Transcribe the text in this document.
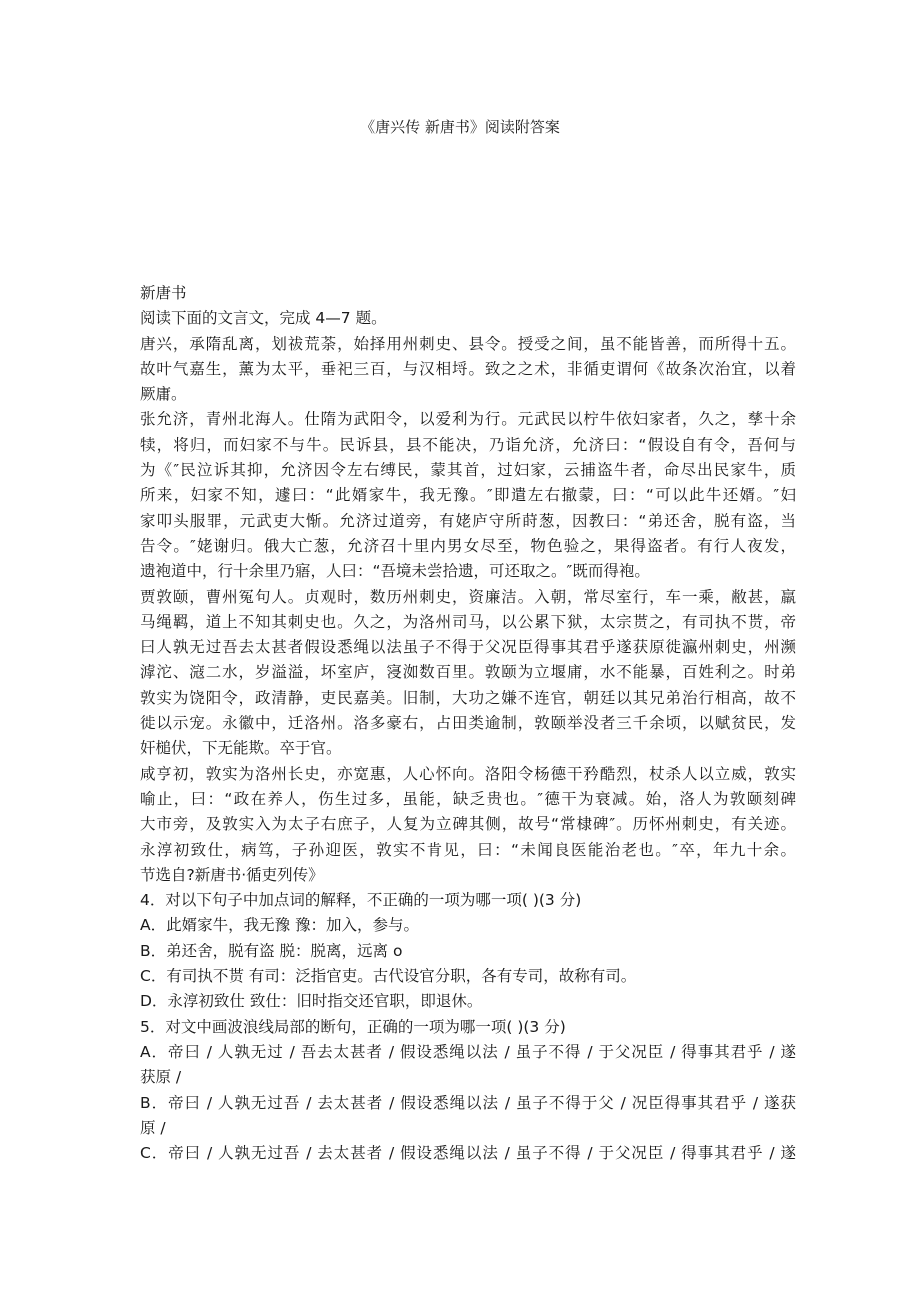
《唐兴传 新唐书》阅读附答案
新唐书
阅读下面的文言文，完成 4—7 题。
唐兴，承隋乱离，划祓荒荼，始择用州刺史、县令。授受之间，虽不能皆善，而所得十五。
故叶气嘉生，薰为太平，垂祀三百，与汉相埒。致之之术，非循吏谓何《故条次治宜，以着
厥庸。
张允济，青州北海人。仕隋为武阳令，以爱利为行。元武民以柠牛依妇家者，久之，孳十余
犊，将归，而妇家不与牛。民诉县，县不能决，乃诣允济，允济曰：“假设自有令，吾何与
为《″民泣诉其抑，允济因令左右缚民，蒙其首，过妇家，云捕盗牛者，命尽出民家牛，质
所来，妇家不知，遽曰：“此婿家牛，我无豫。″即遣左右撤蒙，曰：“可以此牛还婿。″妇
家叩头服罪，元武吏大惭。允济过道旁，有姥庐守所莳葱，因教曰：“弟还舍，脱有盗，当
告令。″姥谢归。俄大亡葱，允济召十里内男女尽至，物色验之，果得盗者。有行人夜发，
遗袍道中，行十余里乃寤，人曰：“吾境未尝拾遗，可还取之。″既而得袍。
贾敦颐，曹州冤句人。贞观时，数历州刺史，资廉洁。入朝，常尽室行，车一乘，敝甚，羸
马绳羁，道上不知其刺史也。久之，为洛州司马，以公累下狱，太宗贳之，有司执不贳，帝
曰人孰无过吾去太甚者假设悉绳以法虽子不得于父况臣得事其君乎遂获原徙瀛州刺史，州濒
滹沱、滱二水，岁溢溢，坏室庐，寖洳数百里。敦颐为立堰庯，水不能暴，百姓利之。时弟
敦实为饶阳令，政清静，吏民嘉美。旧制，大功之嫌不连官，朝廷以其兄弟治行相高，故不
徙以示宠。永徽中，迁洛州。洛多豪右，占田类逾制，敦颐举没者三千余顷，以赋贫民，发
奸槌伏，下无能欺。卒于官。
咸亨初，敦实为洛州长史，亦宽惠，人心怀向。洛阳令杨德干矜酷烈，杖杀人以立威，敦实
喻止，曰：“政在养人，伤生过多，虽能，缺乏贵也。″德干为衰减。始，洛人为敦颐刻碑
大市旁，及敦实入为太子右庶子，人复为立碑其侧，故号“常棣碑″。历怀州刺史，有关迹。
永淳初致仕，病笃，子孙迎医，敦实不肯见，曰：“未闻良医能治老也。″卒，年九十余。
节选自?新唐书·循吏列传》
4．对以下句子中加点词的解释，不正确的一项为哪一项( )(3 分)
A．此婿家牛，我无豫 豫：加入，参与。
B．弟还舍，脱有盗 脱：脱离，远离 o
C．有司执不贳 有司：泛指官吏。古代设官分职，各有专司，故称有司。
D．永淳初致仕 致仕：旧时指交还官职，即退休。
5．对文中画波浪线局部的断句，正确的一项为哪一项( )(3 分)
A．帝曰 / 人孰无过 / 吾去太甚者 / 假设悉绳以法 / 虽子不得 / 于父况臣 / 得事其君乎 / 遂
获原 /
B．帝曰 / 人孰无过吾 / 去太甚者 / 假设悉绳以法 / 虽子不得于父 / 况臣得事其君乎 / 遂获
原 /
C．帝曰 / 人孰无过吾 / 去太甚者 / 假设悉绳以法 / 虽子不得 / 于父况臣 / 得事其君乎 / 遂
